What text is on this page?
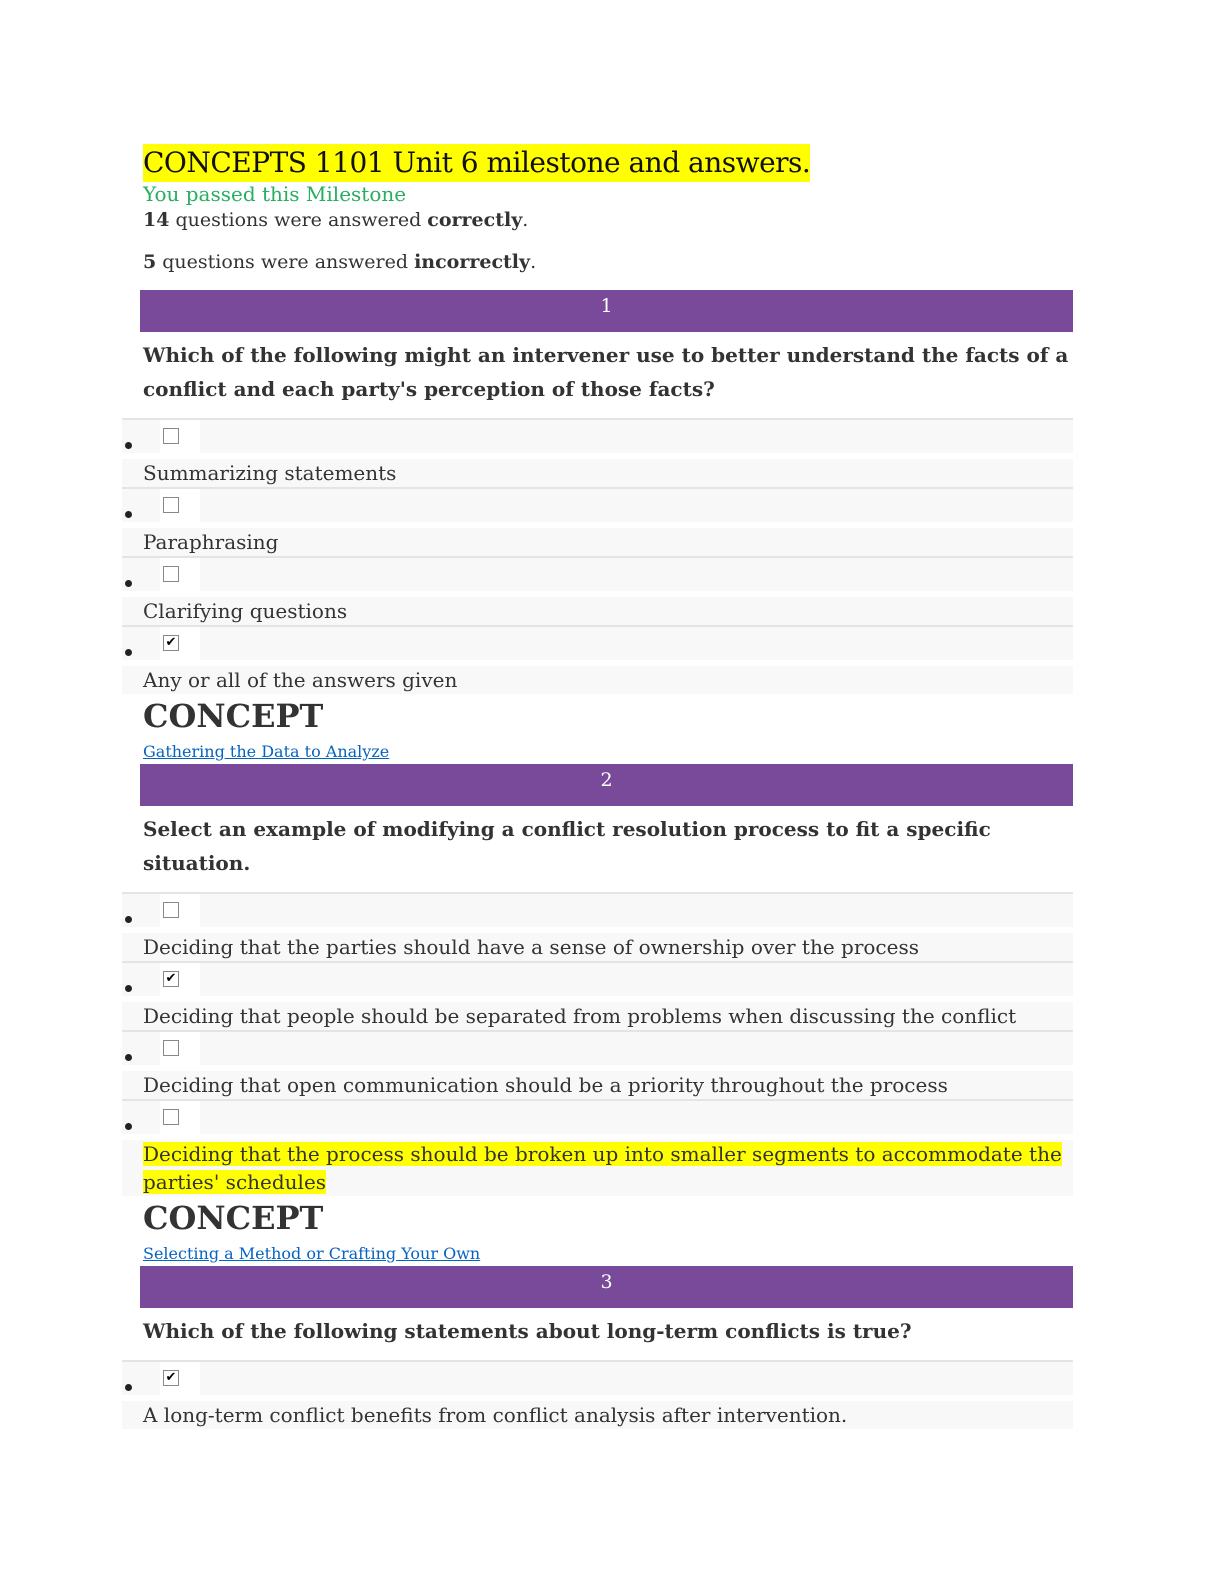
CONCEPTS 1101 Unit 6 milestone and answers.
You passed this Milestone
14 questions were answered correctly.
5 questions were answered incorrectly.
1
Which of the following might an intervener use to better understand the facts of a conflict and each party's perception of those facts?
Summarizing statements
Paraphrasing
Clarifying questions
✔
Any or all of the answers given
CONCEPT
Gathering the Data to Analyze
2
Select an example of modifying a conflict resolution process to fit a specific situation.
Deciding that the parties should have a sense of ownership over the process
✔
Deciding that people should be separated from problems when discussing the conflict
Deciding that open communication should be a priority throughout the process
Deciding that the process should be broken up into smaller segments to accommodate the parties' schedules
CONCEPT
Selecting a Method or Crafting Your Own
3
Which of the following statements about long-term conflicts is true?
✔
A long-term conflict benefits from conflict analysis after intervention.
